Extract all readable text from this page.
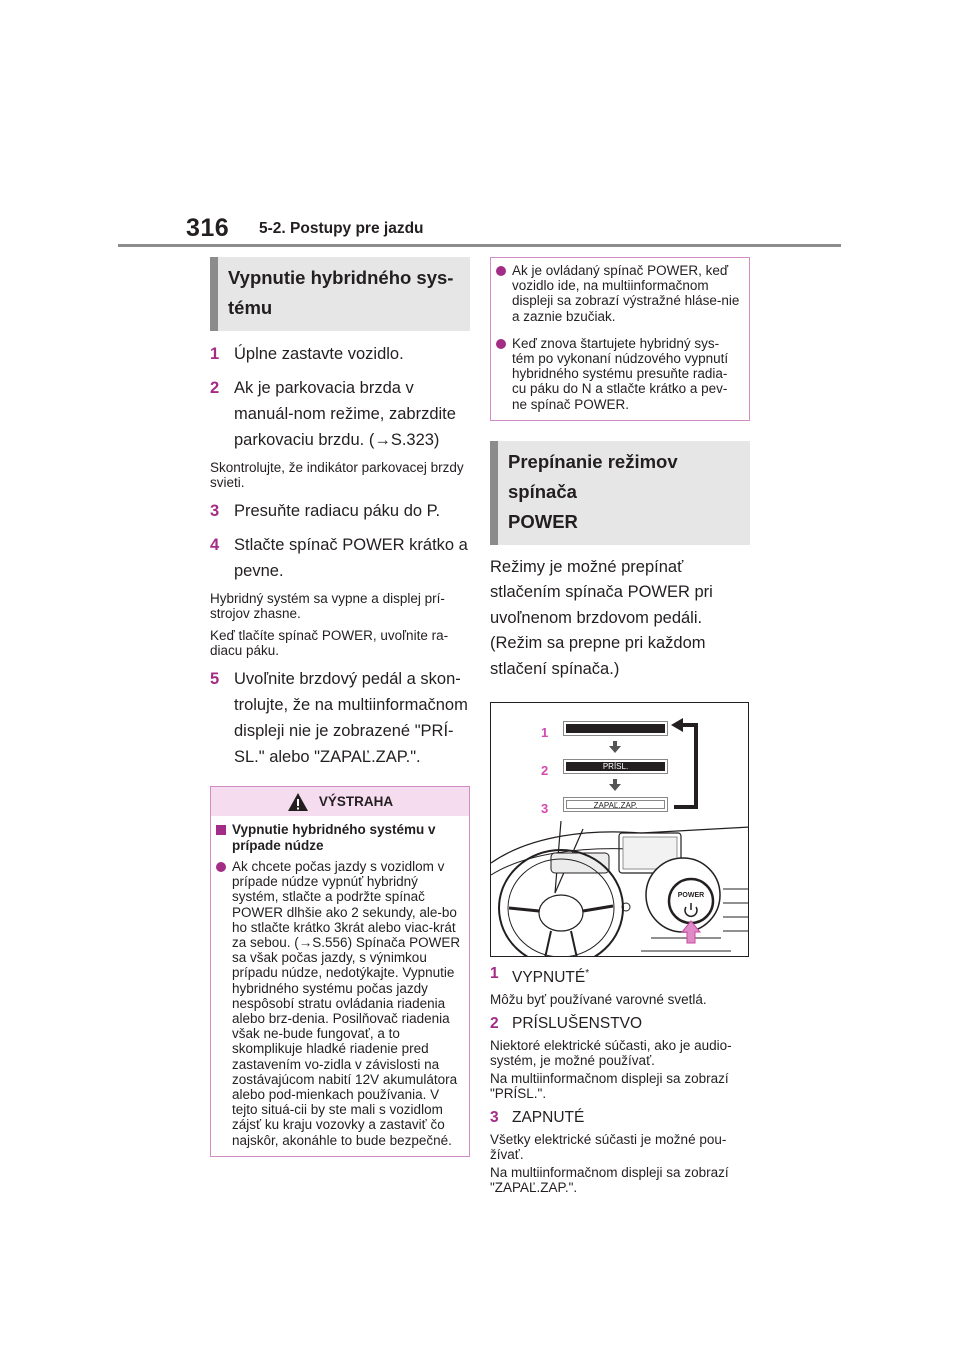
316 5-2. Postupy pre jazdu
Vypnutie hybridného sys-
tému
1 Úplne zastavte vozidlo.
2 Ak je parkovacia brzda v manuál-nom režime, zabrzdite parkovaciu brzdu. (→S.323)
Skontrolujte, že indikátor parkovacej brzdy svieti.
3 Presuňte radiacu páku do P.
4 Stlačte spínač POWER krátko a pevne.
Hybridný systém sa vypne a displej prí-strojov zhasne.
Keď tlačíte spínač POWER, uvoľnite ra-diacu páku.
5 Uvoľnite brzdový pedál a skon-trolujte, že na multiinformačnom displeji nie je zobrazené "PRÍ-SL." alebo "ZAPAĽ.ZAP.".
VÝSTRAHA
Vypnutie hybridného systému v prípade núdze
Ak chcete počas jazdy s vozidlom v prípade núdze vypnúť hybridný systém, stlačte a podržte spínač POWER dlhšie ako 2 sekundy, ale-bo ho stlačte krátko 3krát alebo viac-krát za sebou. (→S.556) Spínača POWER sa však počas jazdy, s výnimkou prípadu núdze, nedotýkajte. Vypnutie hybridného systému počas jazdy nespôsobí stratu ovládania riadenia alebo brz-denia. Posilňovač riadenia však ne-bude fungovať, a to skomplikuje hladké riadenie pred zastavením vo-zidla v závislosti na zostávajúcom nabití 12V akumulátora alebo pod-mienkach používania. V tejto situá-cii by ste mali s vozidlom zájsť ku kraju vozovky a zastaviť čo najskôr, akonáhle to bude bezpečné.
Ak je ovládaný spínač POWER, keď vozidlo ide, na multiinformačnom displeji sa zobrazí výstražné hláse-nie a zaznie bzučiak.
Keď znova štartujete hybridný sys-tém po vykonaní núdzového vypnutí hybridného systému presuňte radia-cu páku do N a stlačte krátko a pev-ne spínač POWER.
Prepínanie režimov spínača
POWER
Režimy je možné prepínať stlačením spínača POWER pri uvoľnenom brzdovom pedáli. (Režim sa prepne pri každom stlačení spínača.)
1
2
3
PRÍSL.
ZAPAĽ.ZAP.
POWER
1 VYPNUTÉ*
Môžu byť používané varovné svetlá.
2 PRÍSLUŠENSTVO
Niektoré elektrické súčasti, ako je audio-systém, je možné používať.
Na multiinformačnom displeji sa zobrazí "PRÍSL.".
3 ZAPNUTÉ
Všetky elektrické súčasti je možné pou-žívať.
Na multiinformačnom displeji sa zobrazí "ZAPAĽ.ZAP.".
